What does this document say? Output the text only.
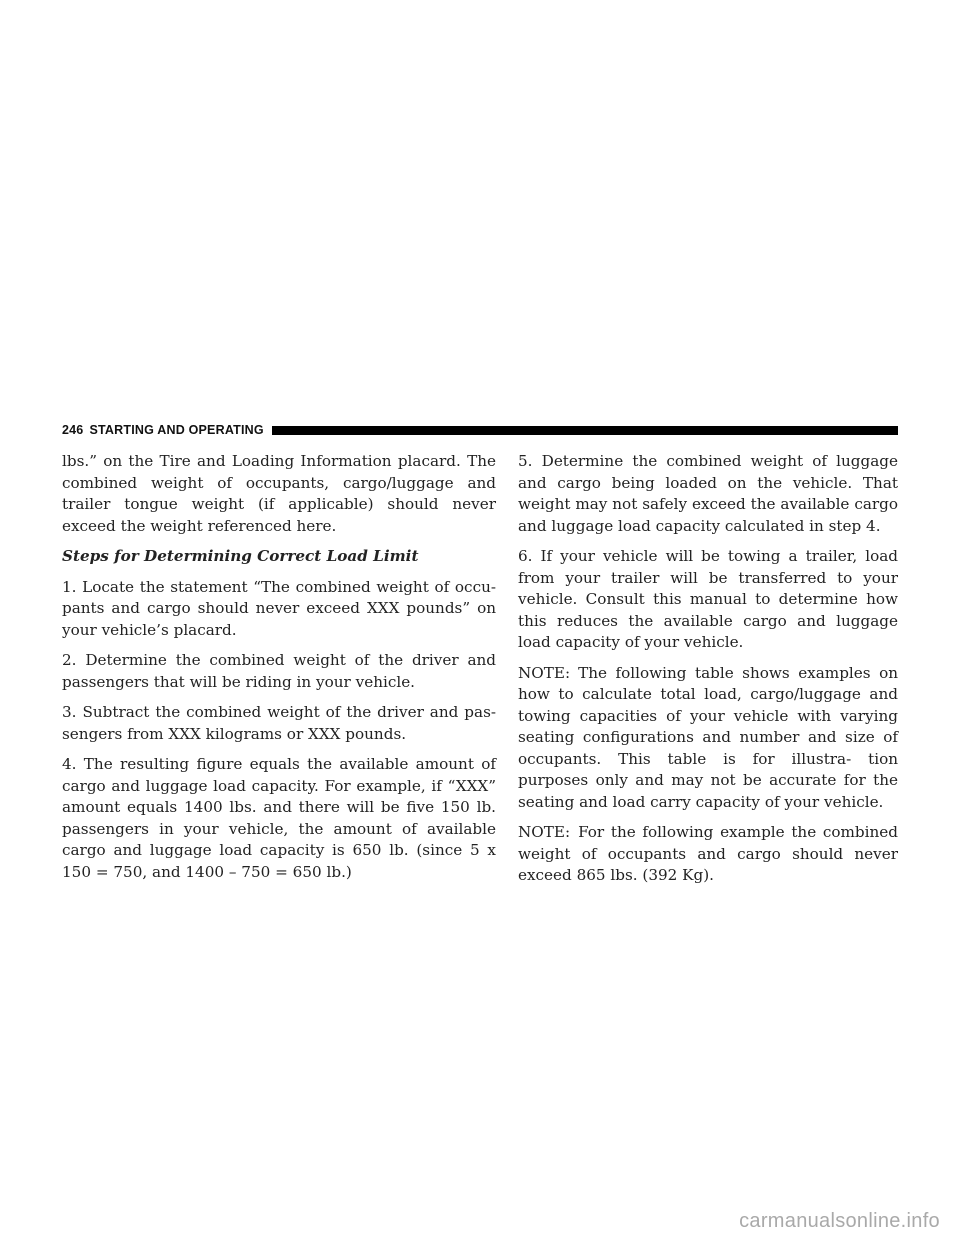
246 STARTING AND OPERATING

lbs.” on the Tire and Loading Information placard. The combined weight of occupants, cargo/luggage and trailer tongue weight (if applicable) should never exceed the weight referenced here.

Steps for Determining Correct Load Limit

1. Locate the statement “The combined weight of occu- pants and cargo should never exceed XXX pounds” on your vehicle’s placard.

2. Determine the combined weight of the driver and passengers that will be riding in your vehicle.

3. Subtract the combined weight of the driver and pas- sengers from XXX kilograms or XXX pounds.

4. The resulting figure equals the available amount of cargo and luggage load capacity. For example, if “XXX” amount equals 1400 lbs. and there will be five 150 lb. passengers in your vehicle, the amount of available cargo and luggage load capacity is 650 lb. (since 5 x 150 = 750, and 1400 – 750 = 650 lb.)

5. Determine the combined weight of luggage and cargo being loaded on the vehicle. That weight may not safely exceed the available cargo and luggage load capacity calculated in step 4.

6. If your vehicle will be towing a trailer, load from your trailer will be transferred to your vehicle. Consult this manual to determine how this reduces the available cargo and luggage load capacity of your vehicle.

NOTE: The following table shows examples on how to calculate total load, cargo/luggage and towing capacities of your vehicle with varying seating configurations and number and size of occupants. This table is for illustra- tion purposes only and may not be accurate for the seating and load carry capacity of your vehicle.

NOTE: For the following example the combined weight of occupants and cargo should never exceed 865 lbs. (392 Kg).

carmanualsonline.info
